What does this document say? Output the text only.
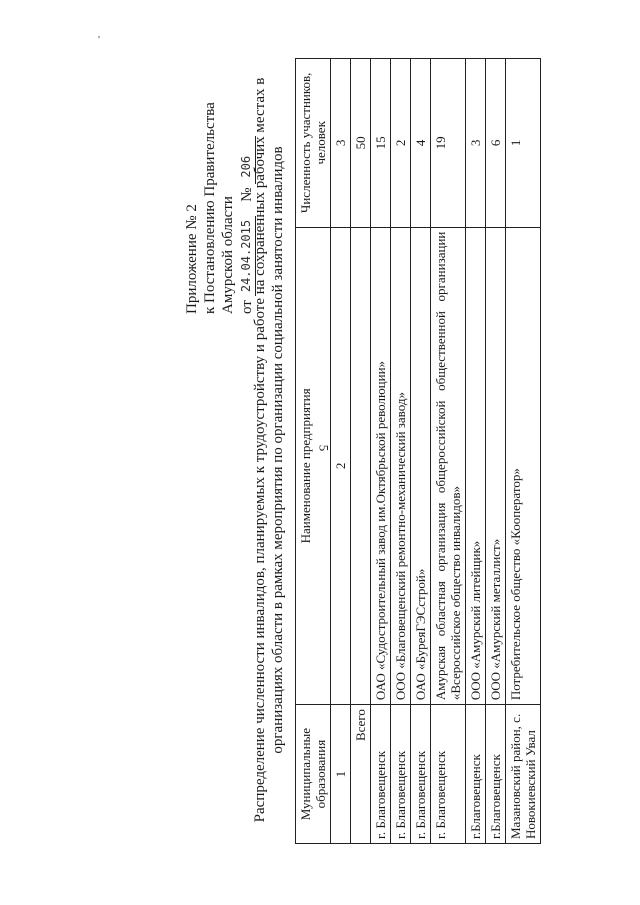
'
5
Приложение № 2 к Постановлению Правительства Амурской области от
24.04.2015
№
206 Распределение численности инвалидов, планируемых к трудоустройству и работе на сохраненных рабочих местах в организациях области в рамках мероприятия по организации социальной занятости инвалидов
Муниципальные образования	Наименование предприятия	Численность участников, человек
1	2	3
Всего		50
г. Благовещенск	ОАО «Судостроительный завод им.Октябрьской революции»	15
г. Благовещенск	ООО «Благовещенский ремонтно-механический завод»	2
г. Благовещенск	ОАО «БуреяГЭСстрой»	4
г. Благовещенск	Амурская областная организация общероссийской общественной организации «Всероссийское общество инвалидов»	19
г.Благовещенск	ООО «Амурский литейщик»	3
г.Благовещенск	ООО «Амурский металлист»	6
Мазановский район, с. Новокиевский Увал	Потребительское общество «Кооператор»	1
